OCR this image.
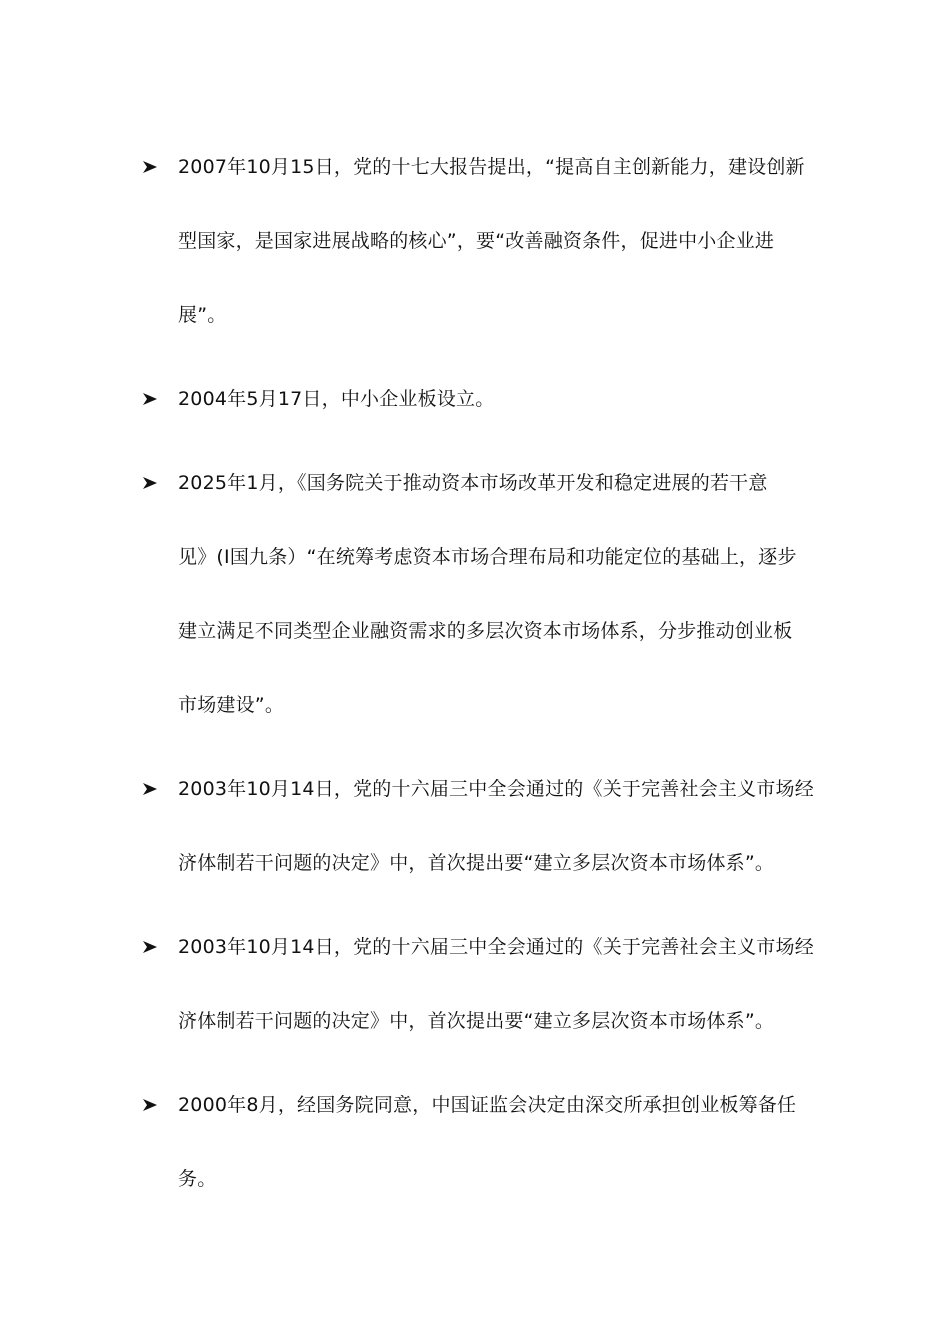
2007年10月15日，党的十七大报告提出，“提高自主创新能力，建设创新
型国家，是国家进展战略的核心”，要“改善融资条件，促进中小企业进
展”。
2004年5月17日，中小企业板设立。
2025年1月，《国务院关于推动资本市场改革开发和稳定进展的若干意
见》(I国九条）“在统筹考虑资本市场合理布局和功能定位的基础上，逐步
建立满足不同类型企业融资需求的多层次资本市场体系，分步推动创业板
市场建设”。
2003年10月14日，党的十六届三中全会通过的《关于完善社会主义市场经
济体制若干问题的决定》中，首次提出要“建立多层次资本市场体系”。
2003年10月14日，党的十六届三中全会通过的《关于完善社会主义市场经
济体制若干问题的决定》中，首次提出要“建立多层次资本市场体系”。
2000年8月，经国务院同意，中国证监会决定由深交所承担创业板筹备任
务。
